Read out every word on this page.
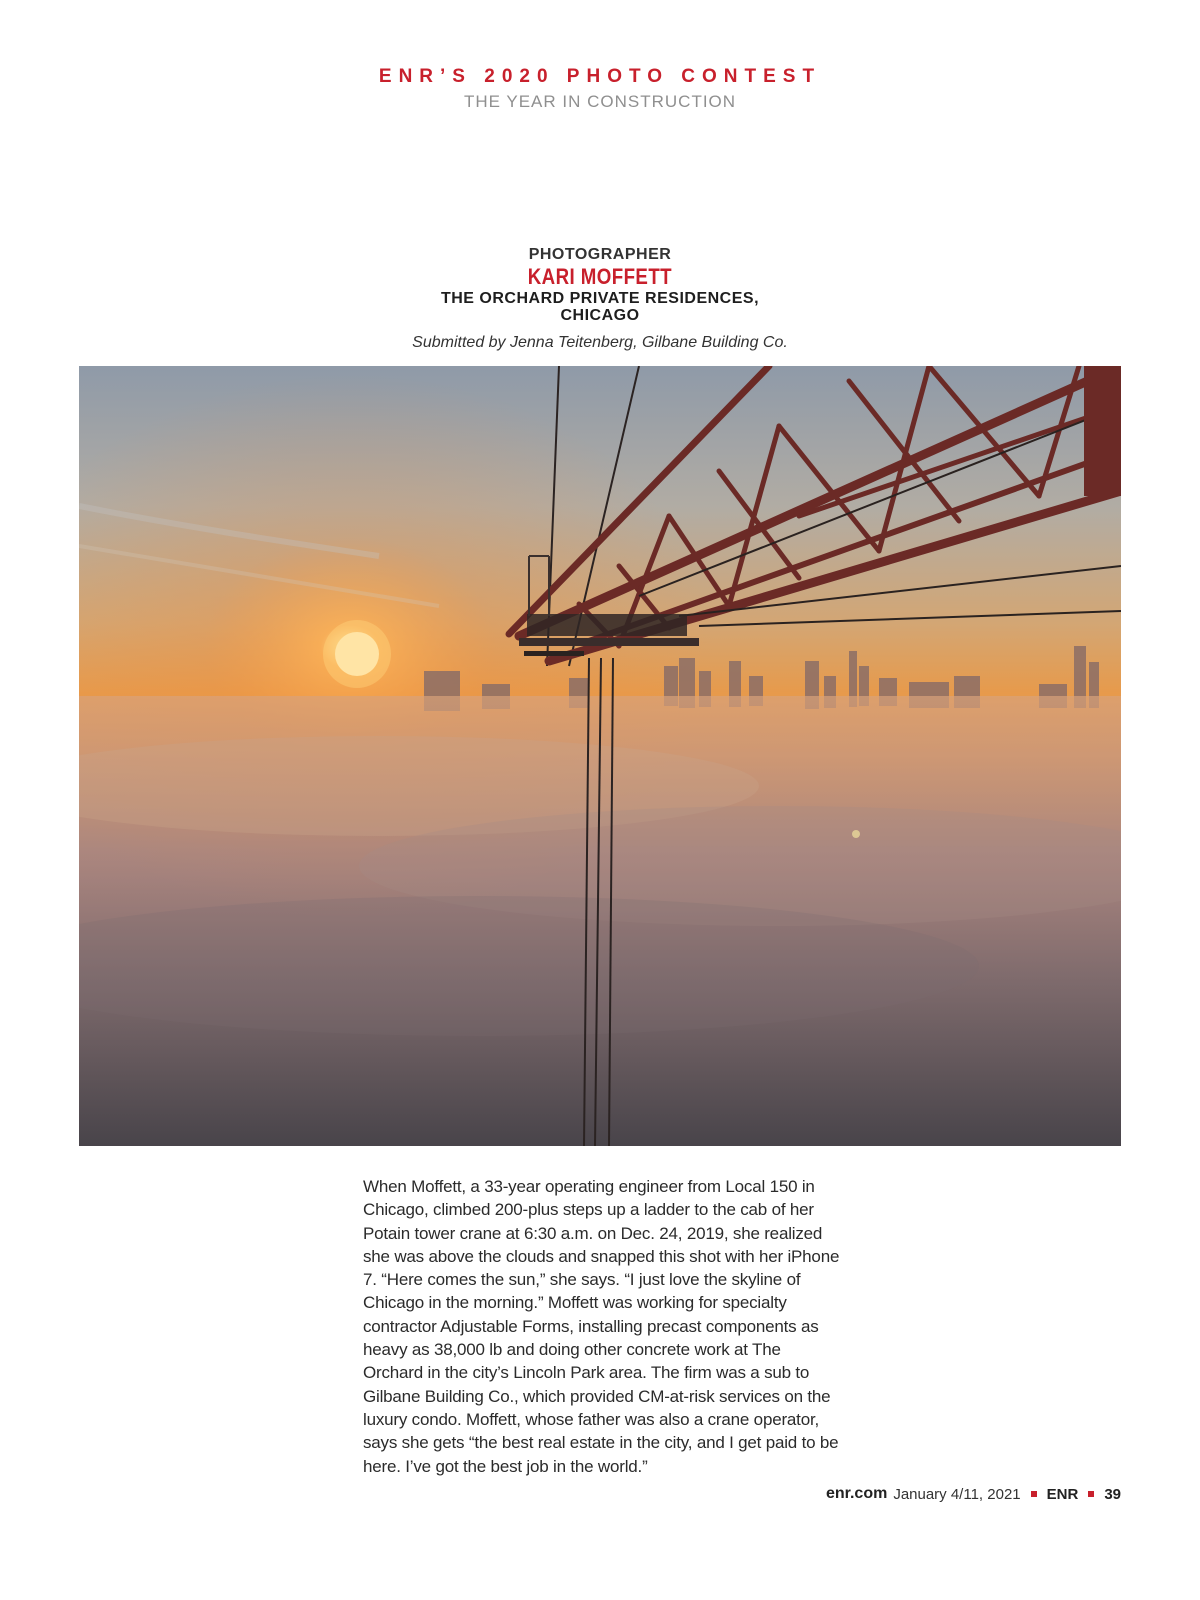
ENR’S 2020 PHOTO CONTEST
THE YEAR IN CONSTRUCTION
PHOTOGRAPHER
KARI MOFFETT
THE ORCHARD PRIVATE RESIDENCES, CHICAGO
Submitted by Jenna Teitenberg, Gilbane Building Co.
When Moffett, a 33-year operating engineer from Local 150 in Chicago, climbed 200-plus steps up a ladder to the cab of her Potain tower crane at 6:30 a.m. on Dec. 24, 2019, she realized she was above the clouds and snapped this shot with her iPhone 7. “Here comes the sun,” she says. “I just love the skyline of Chicago in the morning.” Moffett was working for specialty contractor Adjustable Forms, installing precast components as heavy as 38,000 lb and doing other concrete work at The Orchard in the city’s Lincoln Park area. The firm was a sub to Gilbane Building Co., which provided CM-at-risk services on the luxury condo. Moffett, whose father was also a crane operator, says she gets “the best real estate in the city, and I get paid to be here. I’ve got the best job in the world.”
enr.com January 4/11, 2021 ENR 39
